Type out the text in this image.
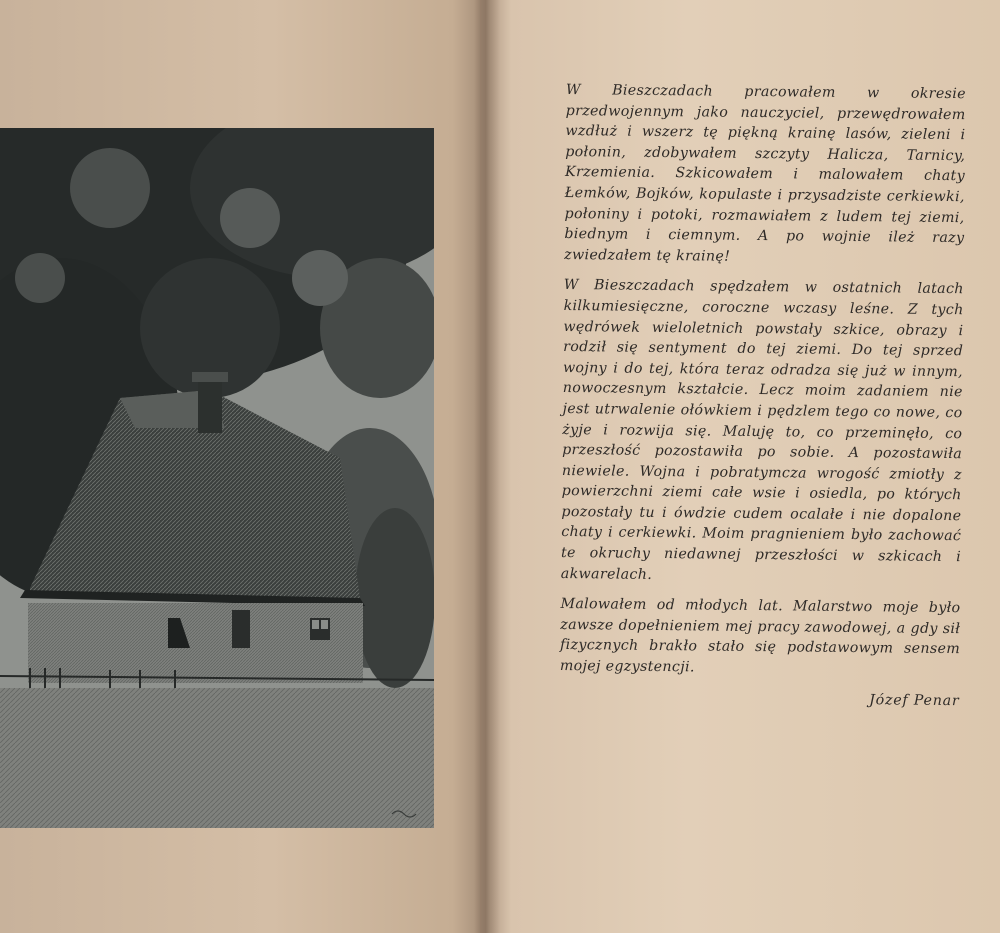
W Bieszczadach pracowałem w okresie przedwojennym jako nauczyciel, przewędrowałem wzdłuż i wszerz tę piękną krainę lasów, zieleni i połonin, zdobywałem szczyty Halicza, Tarnicy, Krzemienia. Szkicowałem i malowałem chaty Łemków, Bojków, kopulaste i przysadziste cerkiewki, połoniny i potoki, rozmawiałem z ludem tej ziemi, biednym i ciemnym. A po wojnie ileż razy zwiedzałem tę krainę!

W Bieszczadach spędzałem w ostatnich latach kilkumiesięczne, coroczne wczasy leśne. Z tych wędrówek wieloletnich powstały szkice, obrazy i rodził się sentyment do tej ziemi. Do tej sprzed wojny i do tej, która teraz odradza się już w innym, nowoczesnym kształcie. Lecz moim zadaniem nie jest utrwalenie ołówkiem i pędzlem tego co nowe, co żyje i rozwija się. Maluję to, co przeminęło, co przeszłość pozostawiła po sobie. A pozostawiła niewiele. Wojna i pobratymcza wrogość zmiotły z powierzchni ziemi całe wsie i osiedla, po których pozostały tu i ówdzie cudem ocalałe i nie dopalone chaty i cerkiewki. Moim pragnieniem było zachować te okruchy niedawnej przeszłości w szkicach i akwarelach.

Malowałem od młodych lat. Malarstwo moje było zawsze dopełnieniem mej pracy zawodowej, a gdy sił fizycznych brakło stało się podstawowym sensem mojej egzystencji.

Józef Penar
